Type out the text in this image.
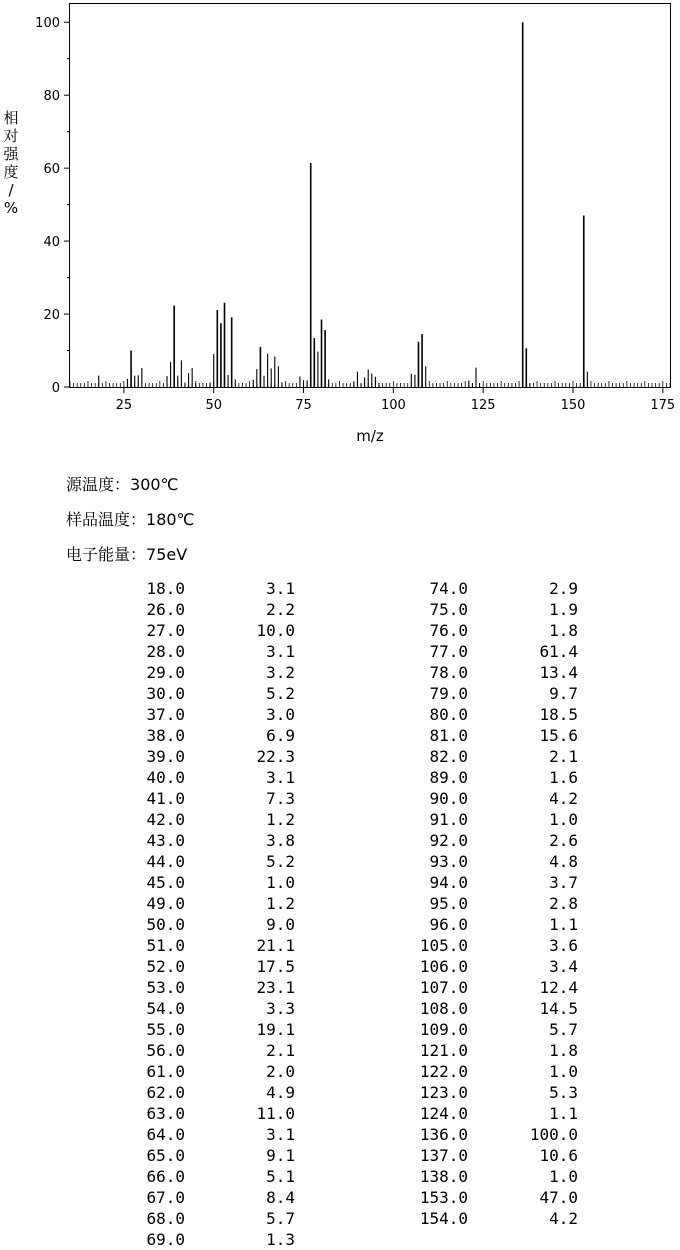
25	50	75	100	125	150	175
0
20
40
60
80
100
m/z
相对强度/ %
源温度：300℃
样品温度：180℃
电子能量：75eV
18.0	3.1
26.0	2.2
27.0	10.0
28.0	3.1
29.0	3.2
30.0	5.2
37.0	3.0
38.0	6.9
39.0	22.3
40.0	3.1
41.0	7.3
42.0	1.2
43.0	3.8
44.0	5.2
45.0	1.0
49.0	1.2
50.0	9.0
51.0	21.1
52.0	17.5
53.0	23.1
54.0	3.3
55.0	19.1
56.0	2.1
61.0	2.0
62.0	4.9
63.0	11.0
64.0	3.1
65.0	9.1
66.0	5.1
67.0	8.4
68.0	5.7
69.0	1.3
74.0	2.9
75.0	1.9
76.0	1.8
77.0	61.4
78.0	13.4
79.0	9.7
80.0	18.5
81.0	15.6
82.0	2.1
89.0	1.6
90.0	4.2
91.0	1.0
92.0	2.6
93.0	4.8
94.0	3.7
95.0	2.8
96.0	1.1
105.0	3.6
106.0	3.4
107.0	12.4
108.0	14.5
109.0	5.7
121.0	1.8
122.0	1.0
123.0	5.3
124.0	1.1
136.0	100.0
137.0	10.6
138.0	1.0
153.0	47.0
154.0	4.2
